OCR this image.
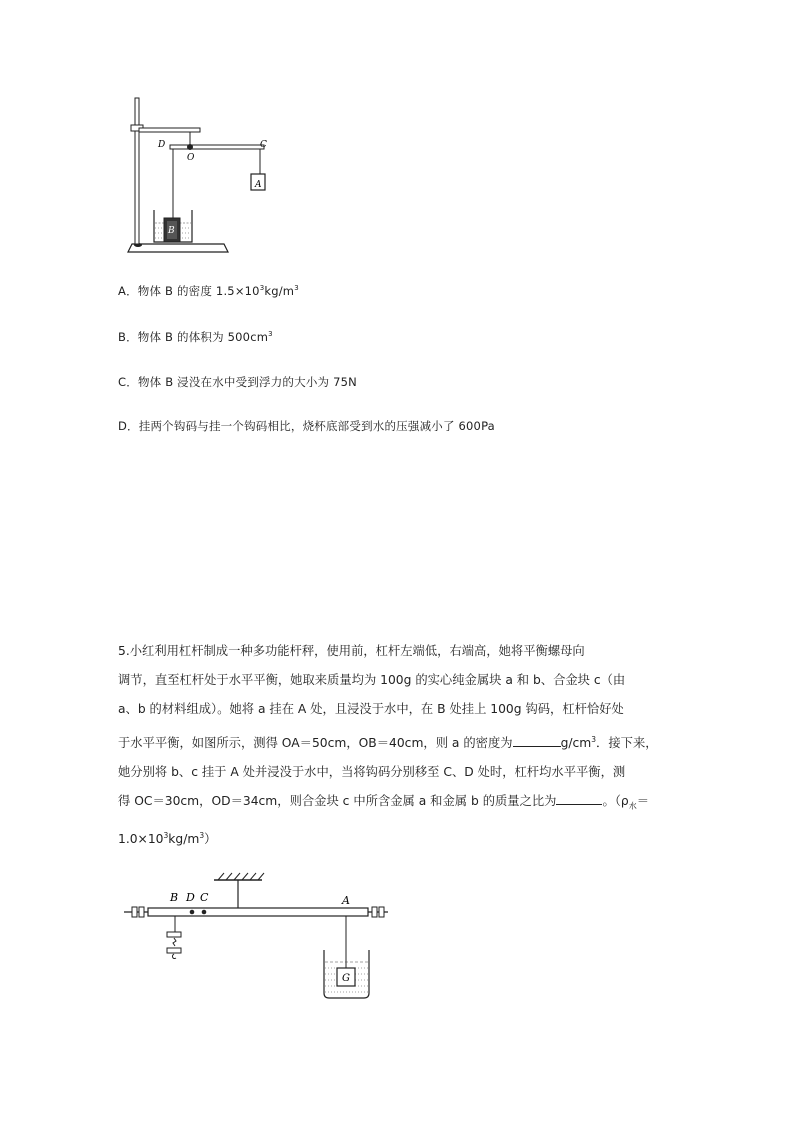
A
B
D
O
C
A．物体 B 的密度 $1.5\times 10^3kg/m^3$
B．物体 B 的体积为 $500cm^3$
C．物体 B 浸没在水中受到浮力的大小为 75N
D．挂两个钩码与挂一个钩码相比，烧杯底部受到水的压强减小了 600Pa
5.小红利用杠杆制成一种多功能杆秤，使用前，杠杆左端低，右端高，她将平衡螺母向
调节，直至杠杆处于水平平衡，她取来质量均为 100g 的实心纯金属块 a 和 b、合金块 c（由
a、b 的材料组成）。她将 a 挂在 A 处，且浸没于水中，在 B 处挂上 100g 钩码，杠杆恰好处
于水平平衡，如图所示，测得 OA＝50cm，OB＝40cm，则 a 的密度为	$g/cm^3$．接下来，
她分别将 b、c 挂于 A 处并浸没于水中，当将钩码分别移至 C、D 处时，杠杆均水平平衡，测
得 OC＝30cm，OD＝34cm，则合金块 c 中所含金属 a 和金属 b 的质量之比为	。（$\rho_水=$
$1.0\times 10^3kg/m^3$）
G
B D C	A
